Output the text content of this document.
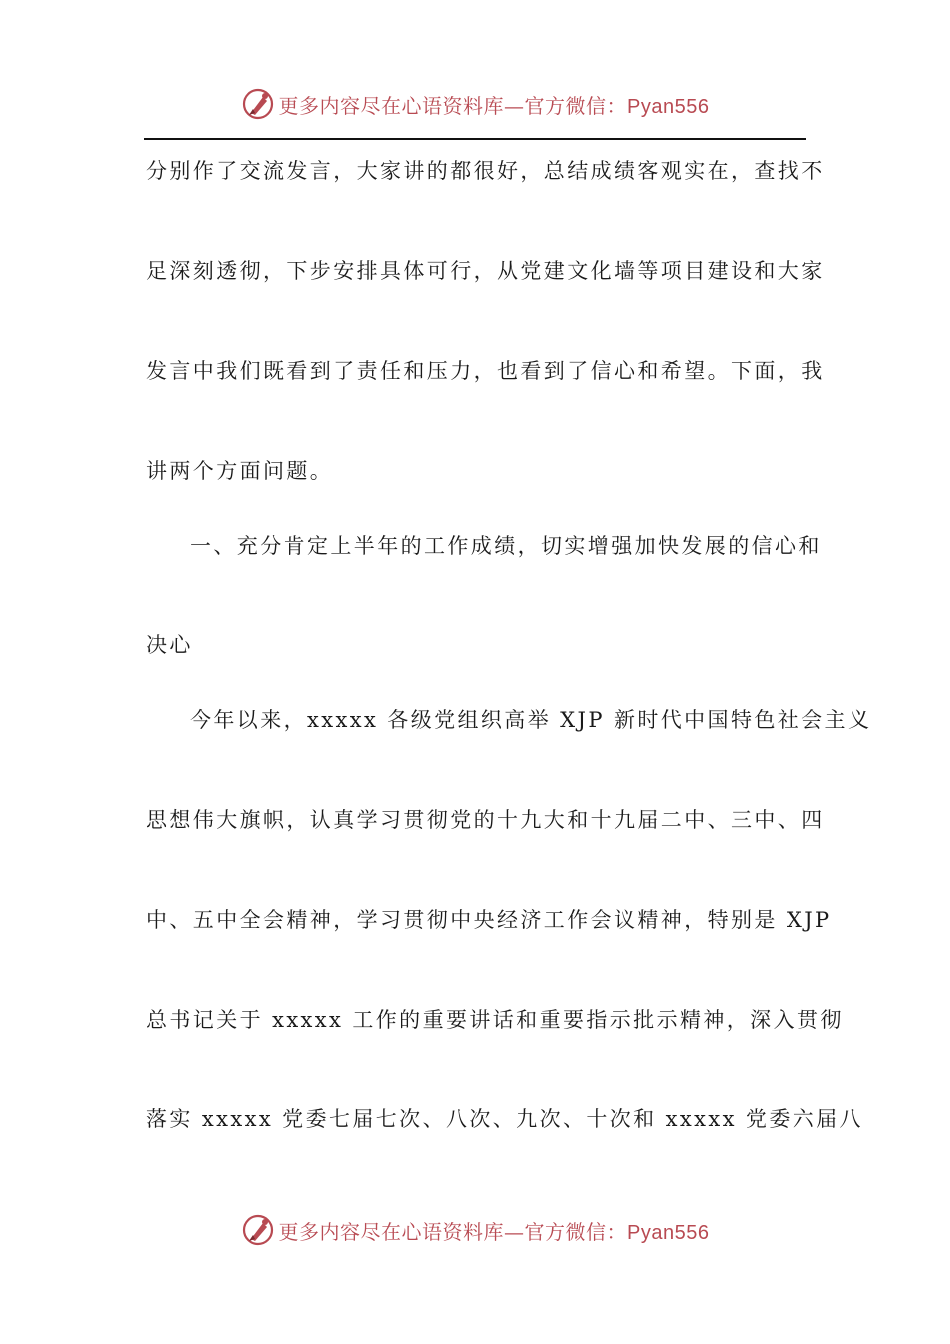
更多内容尽在心语资料库—官方微信：Pyan556
分别作了交流发言，大家讲的都很好，总结成绩客观实在，查找不
足深刻透彻，下步安排具体可行，从党建文化墙等项目建设和大家
发言中我们既看到了责任和压力，也看到了信心和希望。下面，我
讲两个方面问题。
一、充分肯定上半年的工作成绩，切实增强加快发展的信心和
决心
今年以来，xxxxx 各级党组织高举 XJP 新时代中国特色社会主义
思想伟大旗帜，认真学习贯彻党的十九大和十九届二中、三中、四
中、五中全会精神，学习贯彻中央经济工作会议精神，特别是 XJP
总书记关于 xxxxx 工作的重要讲话和重要指示批示精神，深入贯彻
落实 xxxxx 党委七届七次、八次、九次、十次和 xxxxx 党委六届八
更多内容尽在心语资料库—官方微信：Pyan556
